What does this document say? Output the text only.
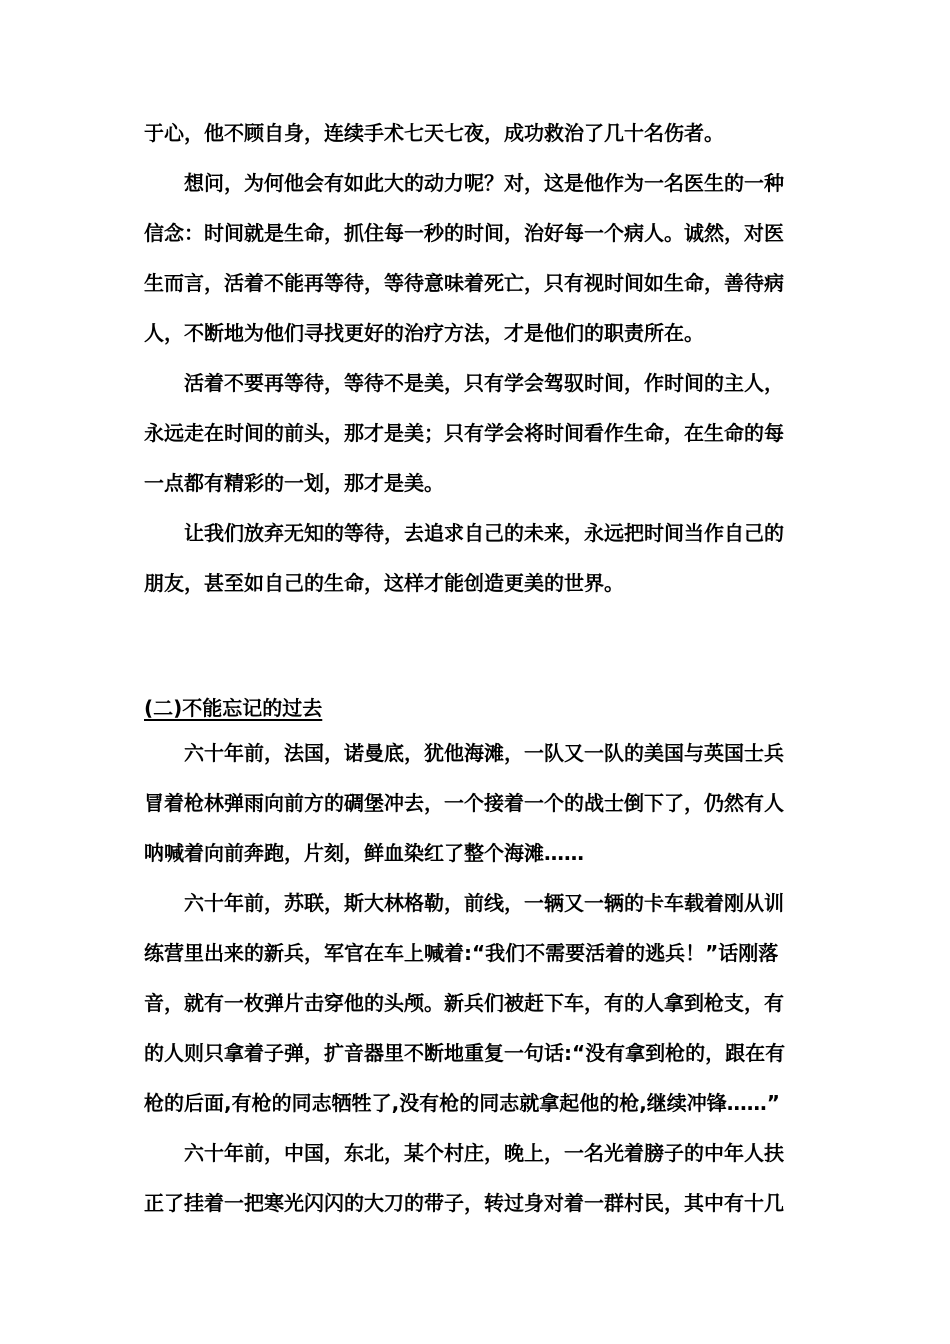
于心，他不顾自身，连续手术七天七夜，成功救治了几十名伤者。
想问，为何他会有如此大的动力呢？对，这是他作为一名医生的一种
信念：时间就是生命，抓住每一秒的时间，治好每一个病人。诚然，对医
生而言，活着不能再等待，等待意味着死亡，只有视时间如生命，善待病
人，不断地为他们寻找更好的治疗方法，才是他们的职责所在。
活着不要再等待，等待不是美，只有学会驾驭时间，作时间的主人，
永远走在时间的前头，那才是美；只有学会将时间看作生命，在生命的每
一点都有精彩的一划，那才是美。
让我们放弃无知的等待，去追求自己的未来，永远把时间当作自己的
朋友，甚至如自己的生命，这样才能创造更美的世界。
(二)不能忘记的过去
六十年前，法国，诺曼底，犹他海滩，一队又一队的美国与英国士兵
冒着枪林弹雨向前方的碉堡冲去，一个接着一个的战士倒下了，仍然有人
呐喊着向前奔跑，片刻，鲜血染红了整个海滩……
六十年前，苏联，斯大林格勒，前线，一辆又一辆的卡车载着刚从训
练营里出来的新兵，军官在车上喊着:“我们不需要活着的逃兵！”话刚落
音，就有一枚弹片击穿他的头颅。新兵们被赶下车，有的人拿到枪支，有
的人则只拿着子弹，扩音器里不断地重复一句话:“没有拿到枪的，跟在有
枪的后面,有枪的同志牺牲了,没有枪的同志就拿起他的枪,继续冲锋……”
六十年前，中国，东北，某个村庄，晚上，一名光着膀子的中年人扶
正了挂着一把寒光闪闪的大刀的带子，转过身对着一群村民，其中有十几
